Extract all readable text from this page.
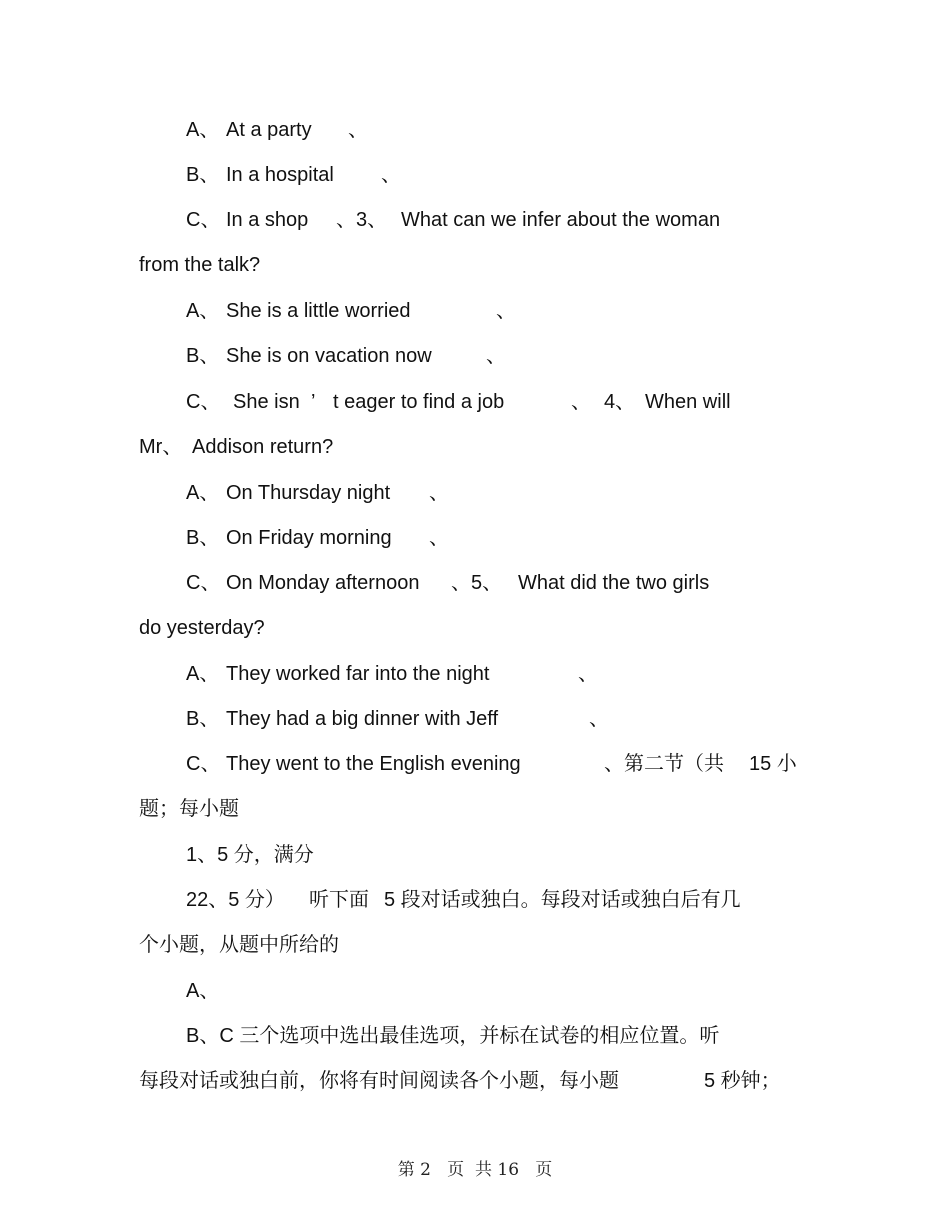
A、 At a party 、
B、 In a hospital 、
C、 In a shop 、3、 What can we infer about the woman
from the talk?
A、 She is a little worried	、
B、 She is on vacation now	、
C、 She isn ’ t eager to find a job	、 4、 When will
Mr、 Addison return?
A、 On Thursday night 、
B、 On Friday morning 、
C、 On Monday afternoon 、5、 What did the two girls
do yesterday?
A、 They worked far into the night	、
B、 They had a big dinner with Jeff	、
C、 They went to the English evening	、第二节（共 15 小
题；每小题
1、5 分，满分
22、5 分） 听下面 5 段对话或独白。每段对话或独白后有几
个小题，从题中所给的
A、
B、C 三个选项中选出最佳选项，并标在试卷的相应位置。听
每段对话或独白前，你将有时间阅读各个小题，每小题	5 秒钟；
第 2   页  共 16   页
